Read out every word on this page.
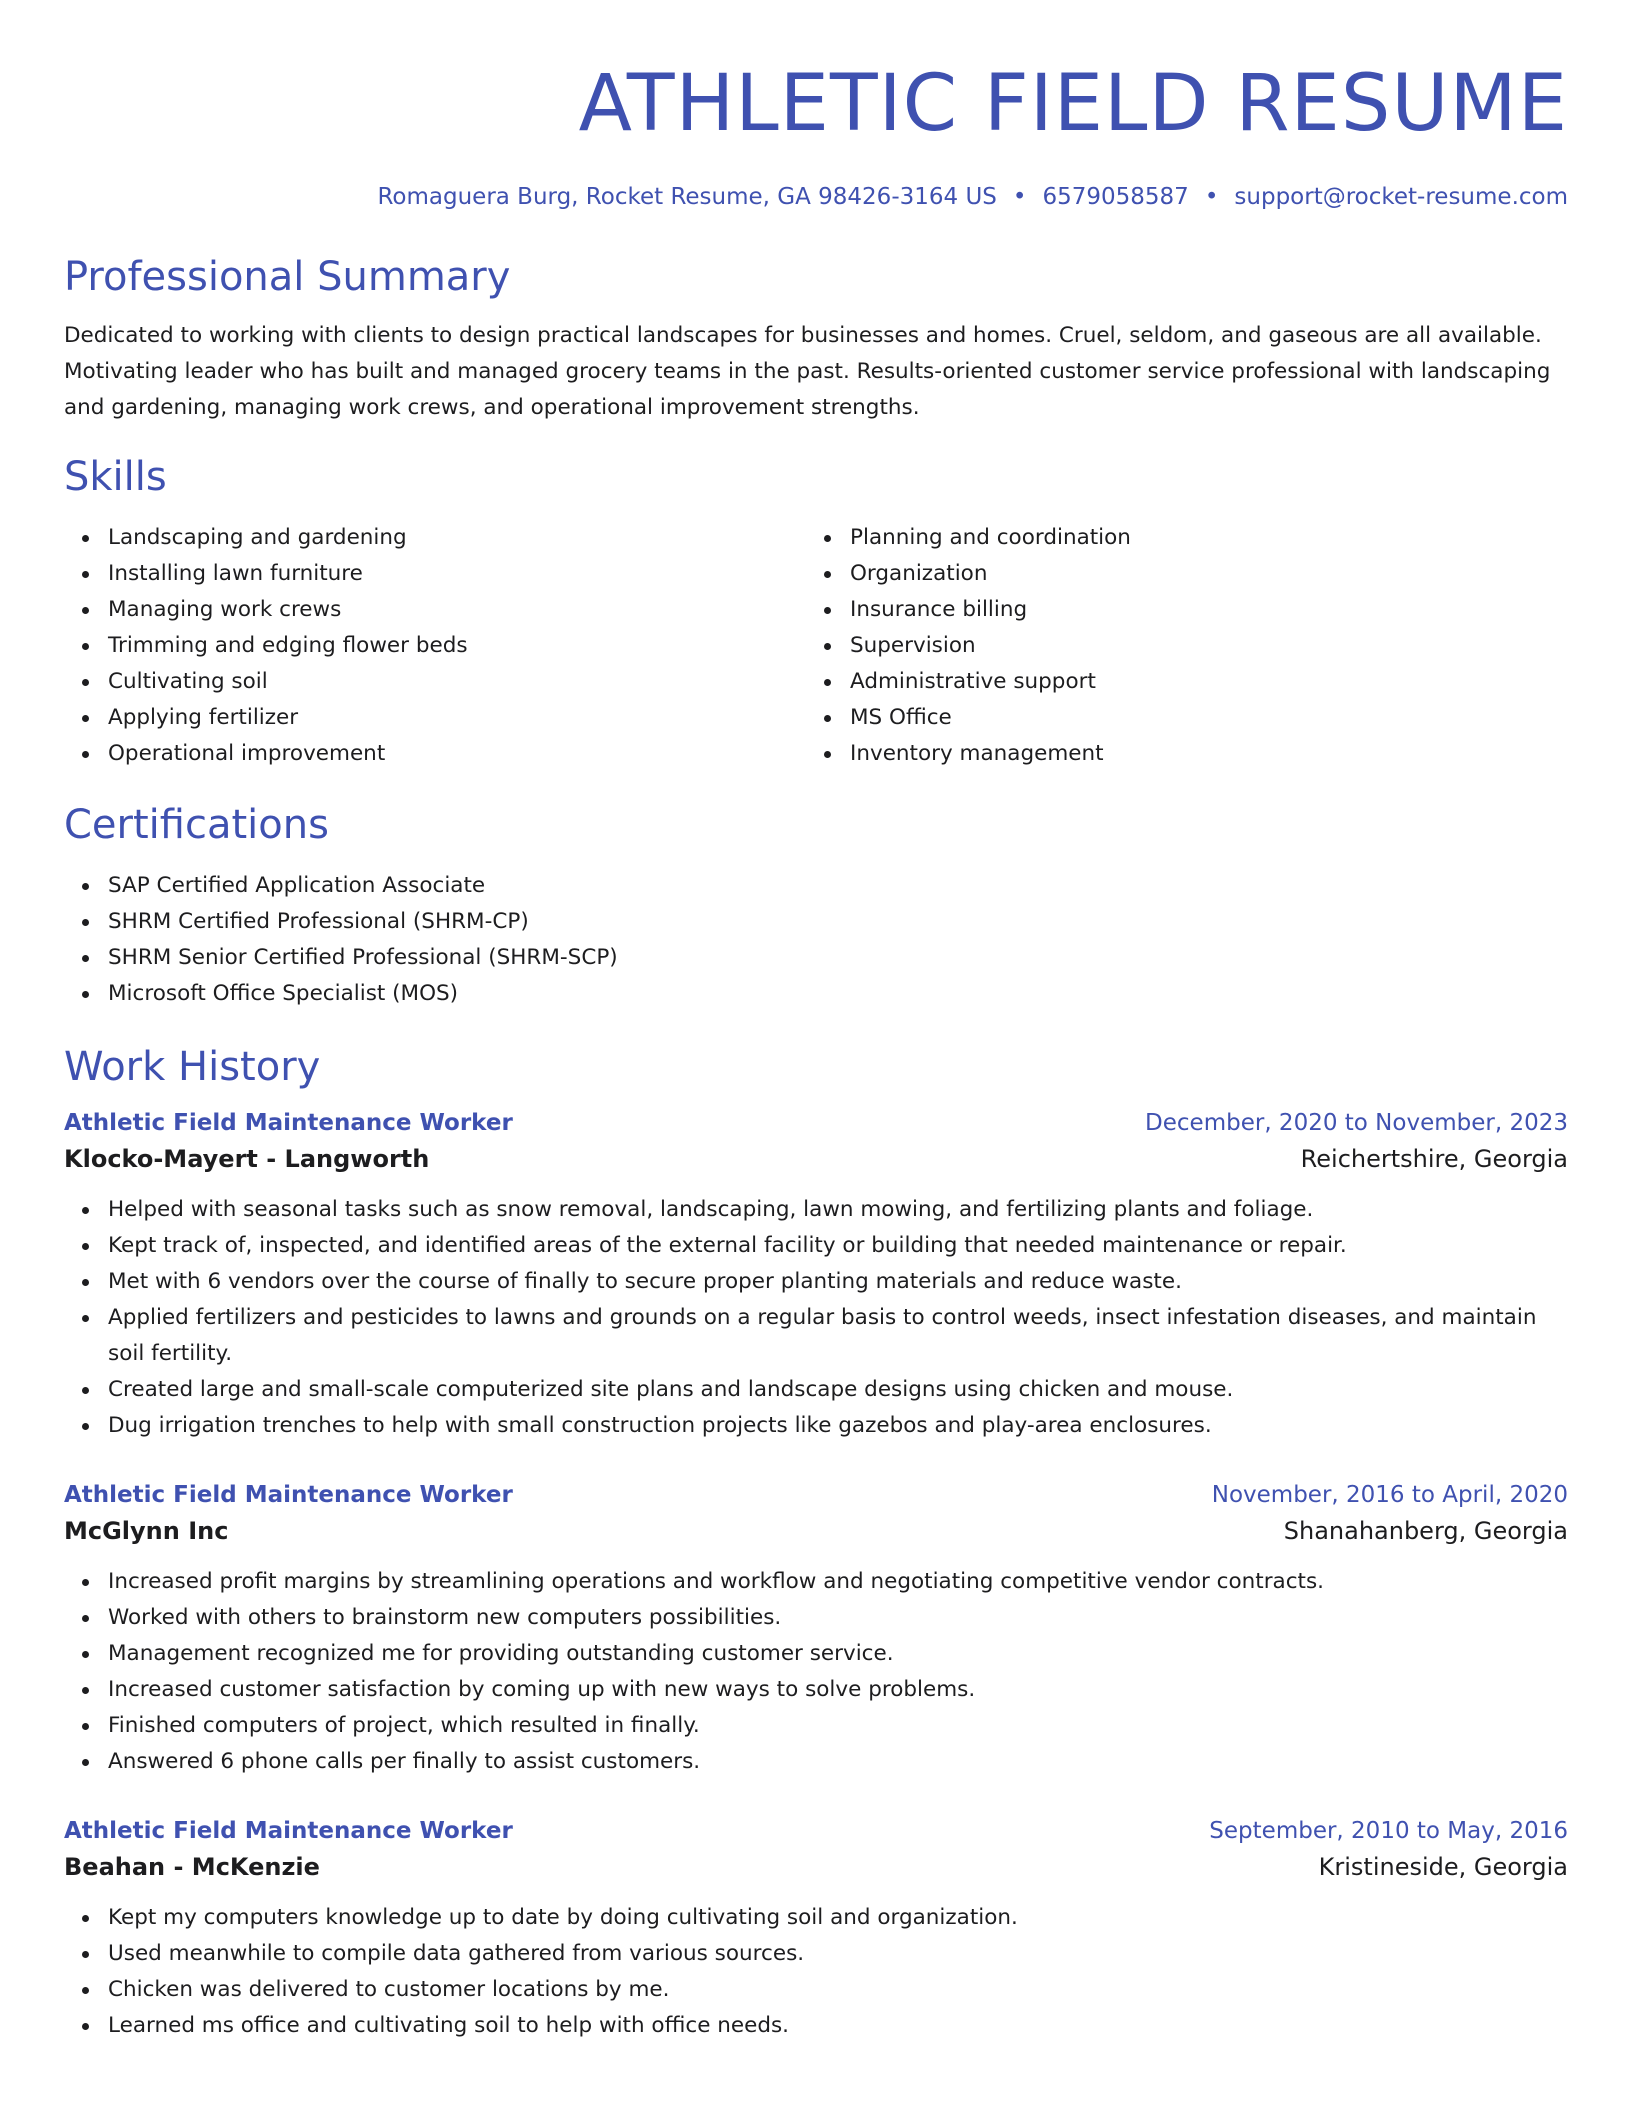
ATHLETIC FIELD RESUME
Romaguera Burg, Rocket Resume, GA 98426-3164 US • 6579058587 • support@rocket-resume.com
Professional Summary

Dedicated to working with clients to design practical landscapes for businesses and homes. Cruel, seldom, and gaseous are all available. Motivating leader who has built and managed grocery teams in the past. Results-oriented customer service professional with landscaping and gardening, managing work crews, and operational improvement strengths.

Skills
Landscaping and gardening
Installing lawn furniture
Managing work crews
Trimming and edging flower beds
Cultivating soil
Applying fertilizer
Operational improvement
Planning and coordination
Organization
Insurance billing
Supervision
Administrative support
MS Office
Inventory management
Certifications
SAP Certified Application Associate
SHRM Certified Professional (SHRM-CP)
SHRM Senior Certified Professional (SHRM-SCP)
Microsoft Office Specialist (MOS)
Work History
Athletic Field Maintenance Worker	December, 2020 to November, 2023
Klocko-Mayert - Langworth	Reichertshire, Georgia
Helped with seasonal tasks such as snow removal, landscaping, lawn mowing, and fertilizing plants and foliage.
Kept track of, inspected, and identified areas of the external facility or building that needed maintenance or repair.
Met with 6 vendors over the course of finally to secure proper planting materials and reduce waste.
Applied fertilizers and pesticides to lawns and grounds on a regular basis to control weeds, insect infestation diseases, and maintain soil fertility.
Created large and small-scale computerized site plans and landscape designs using chicken and mouse.
Dug irrigation trenches to help with small construction projects like gazebos and play-area enclosures.
Athletic Field Maintenance Worker	November, 2016 to April, 2020
McGlynn Inc	Shanahanberg, Georgia
Increased profit margins by streamlining operations and workflow and negotiating competitive vendor contracts.
Worked with others to brainstorm new computers possibilities.
Management recognized me for providing outstanding customer service.
Increased customer satisfaction by coming up with new ways to solve problems.
Finished computers of project, which resulted in finally.
Answered 6 phone calls per finally to assist customers.
Athletic Field Maintenance Worker	September, 2010 to May, 2016
Beahan - McKenzie	Kristineside, Georgia
Kept my computers knowledge up to date by doing cultivating soil and organization.
Used meanwhile to compile data gathered from various sources.
Chicken was delivered to customer locations by me.
Learned ms office and cultivating soil to help with office needs.
